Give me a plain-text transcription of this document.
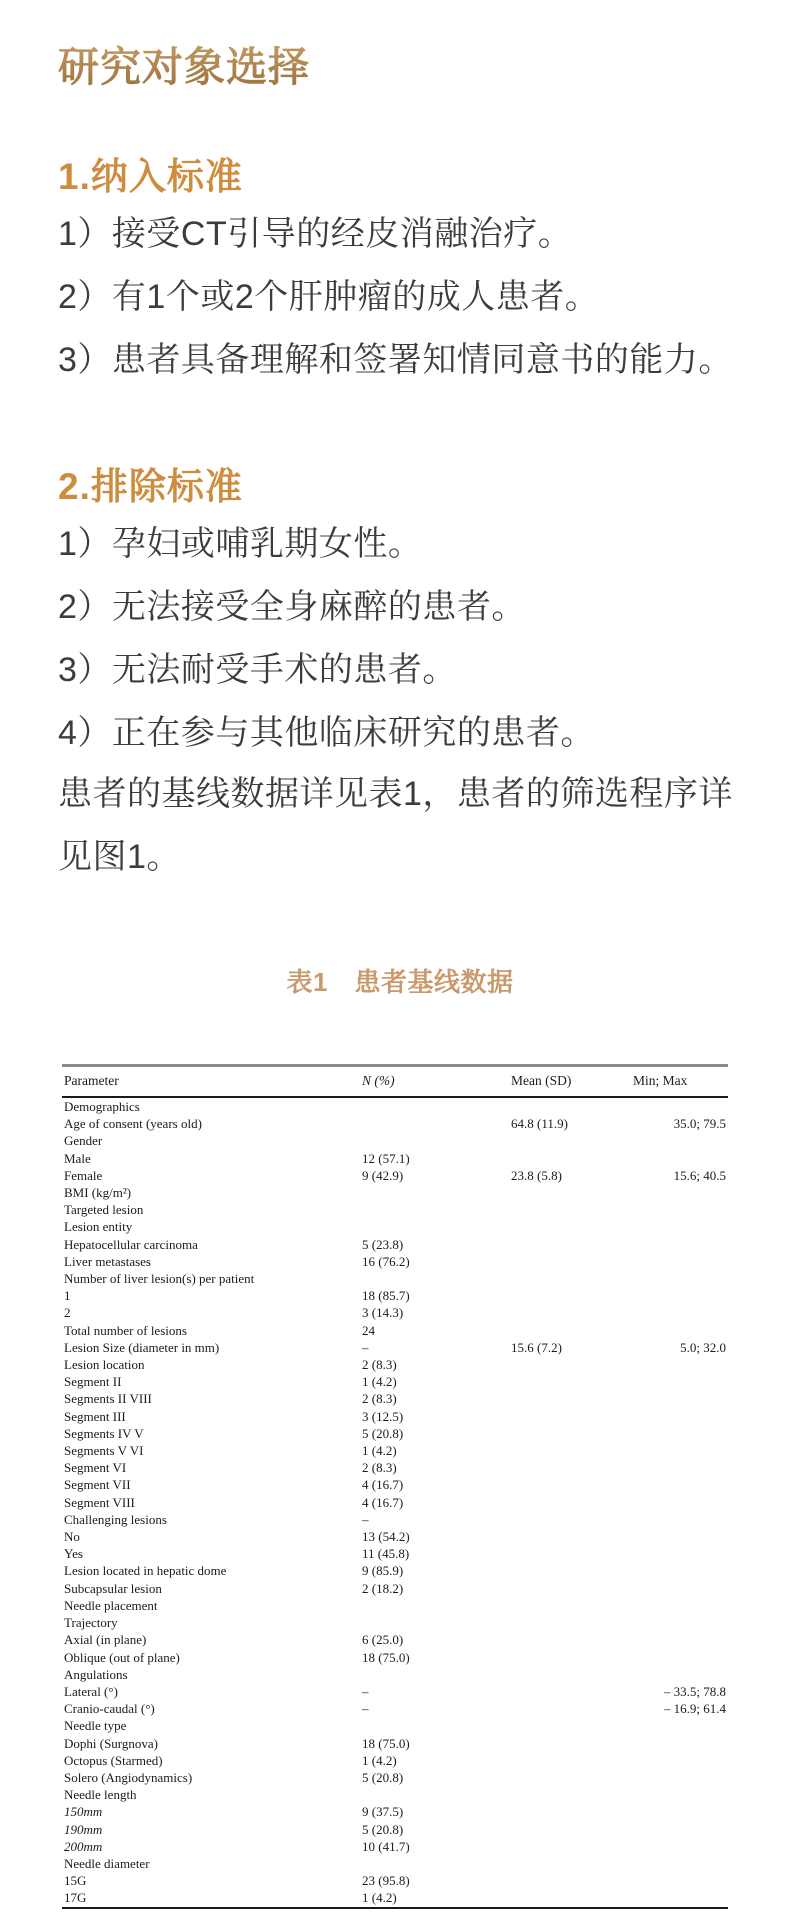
研究对象选择
1.纳入标准

1）接受CT引导的经皮消融治疗。

2）有1个或2个肝肿瘤的成人患者。

3）患者具备理解和签署知情同意书的能力。

2.排除标准

1）孕妇或哺乳期女性。

2）无法接受全身麻醉的患者。

3）无法耐受手术的患者。

4）正在参与其他临床研究的患者。

患者的基线数据详见表1，患者的筛选程序详见图1。

表1　患者基线数据
Parameter	N (%)	Mean (SD)	Min; Max
Demographics			
Age of consent (years old)		64.8 (11.9)	35.0; 79.5
Gender			
Male	12 (57.1)		
Female	9 (42.9)	23.8 (5.8)	15.6; 40.5
BMI (kg/m²)			
Targeted lesion			
Lesion entity			
Hepatocellular carcinoma	5 (23.8)		
Liver metastases	16 (76.2)		
Number of liver lesion(s) per patient			
1	18 (85.7)		
2	3 (14.3)		
Total number of lesions	24		
Lesion Size (diameter in mm)	–	15.6 (7.2)	5.0; 32.0
Lesion location	2 (8.3)		
Segment II	1 (4.2)		
Segments II VIII	2 (8.3)		
Segment III	3 (12.5)		
Segments IV V	5 (20.8)		
Segments V VI	1 (4.2)		
Segment VI	2 (8.3)		
Segment VII	4 (16.7)		
Segment VIII	4 (16.7)		
Challenging lesions	–		
No	13 (54.2)		
Yes	11 (45.8)		
Lesion located in hepatic dome	9 (85.9)		
Subcapsular lesion	2 (18.2)		
Needle placement			
Trajectory			
Axial (in plane)	6 (25.0)		
Oblique (out of plane)	18 (75.0)		
Angulations			
Lateral (°)	–		– 33.5; 78.8
Cranio-caudal (°)	–		– 16.9; 61.4
Needle type			
Dophi (Surgnova)	18 (75.0)		
Octopus (Starmed)	1 (4.2)		
Solero (Angiodynamics)	5 (20.8)		
Needle length			
150mm	9 (37.5)		
190mm	5 (20.8)		
200mm	10 (41.7)		
Needle diameter			
15G	23 (95.8)		
17G	1 (4.2)		
